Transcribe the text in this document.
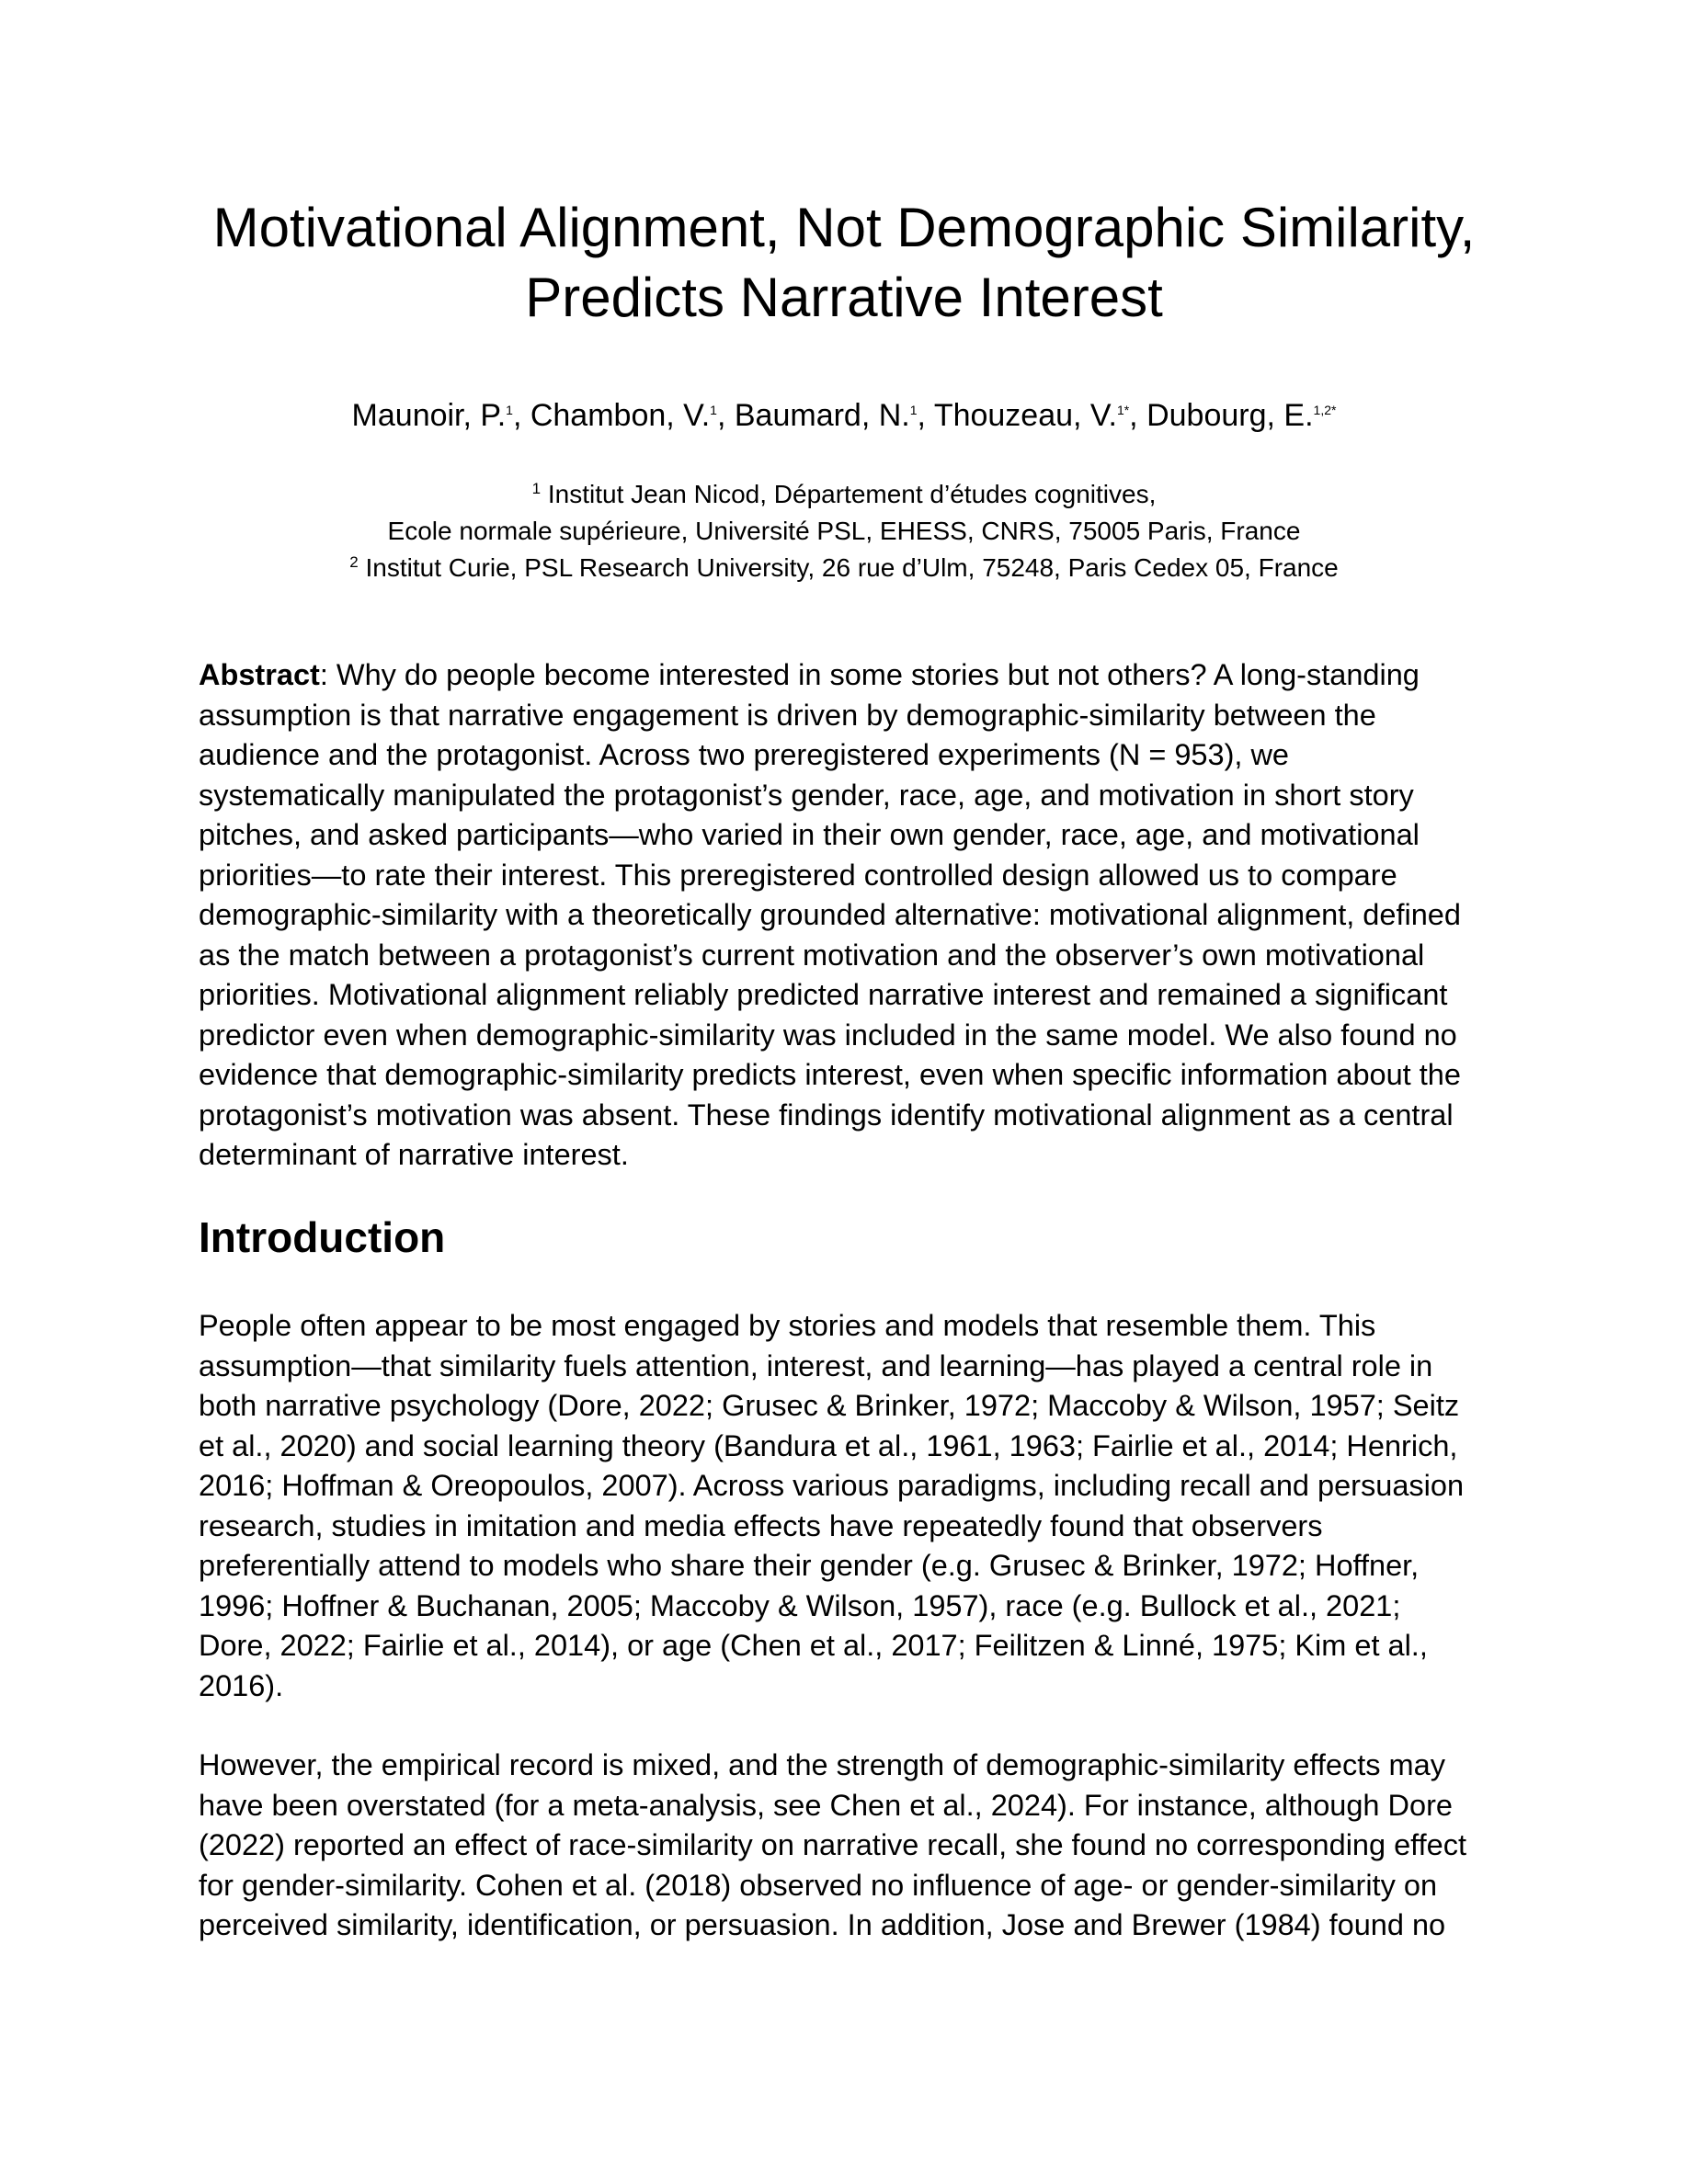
Motivational Alignment, Not Demographic Similarity,
Predicts Narrative Interest
Maunoir, P.$^1$, Chambon, V.$^1$, Baumard, N.$^1$, Thouzeau, V.$^{1*}$, Dubourg, E.$^{1,2*}$
$^1$ Institut Jean Nicod, Département d’études cognitives,
Ecole normale supérieure, Université PSL, EHESS, CNRS, 75005 Paris, France
$^2$ Institut Curie, PSL Research University, 26 rue d’Ulm, 75248, Paris Cedex 05, France
Abstract: Why do people become interested in some stories but not others? A long-standing
assumption is that narrative engagement is driven by demographic-similarity between the
audience and the protagonist. Across two preregistered experiments (N = 953), we
systematically manipulated the protagonist’s gender, race, age, and motivation in short story
pitches, and asked participants—who varied in their own gender, race, age, and motivational
priorities—to rate their interest. This preregistered controlled design allowed us to compare
demographic-similarity with a theoretically grounded alternative: motivational alignment, defined
as the match between a protagonist’s current motivation and the observer’s own motivational
priorities. Motivational alignment reliably predicted narrative interest and remained a significant
predictor even when demographic-similarity was included in the same model. We also found no
evidence that demographic-similarity predicts interest, even when specific information about the
protagonist’s motivation was absent. These findings identify motivational alignment as a central
determinant of narrative interest.
Introduction
People often appear to be most engaged by stories and models that resemble them. This
assumption—that similarity fuels attention, interest, and learning—has played a central role in
both narrative psychology (Dore, 2022; Grusec & Brinker, 1972; Maccoby & Wilson, 1957; Seitz
et al., 2020) and social learning theory (Bandura et al., 1961, 1963; Fairlie et al., 2014; Henrich,
2016; Hoffman & Oreopoulos, 2007). Across various paradigms, including recall and persuasion
research, studies in imitation and media effects have repeatedly found that observers
preferentially attend to models who share their gender (e.g. Grusec & Brinker, 1972; Hoffner,
1996; Hoffner & Buchanan, 2005; Maccoby & Wilson, 1957), race (e.g. Bullock et al., 2021;
Dore, 2022; Fairlie et al., 2014), or age (Chen et al., 2017; Feilitzen & Linné, 1975; Kim et al.,
2016).
However, the empirical record is mixed, and the strength of demographic-similarity effects may
have been overstated (for a meta-analysis, see Chen et al., 2024). For instance, although Dore
(2022) reported an effect of race-similarity on narrative recall, she found no corresponding effect
for gender-similarity. Cohen et al. (2018) observed no influence of age- or gender-similarity on
perceived similarity, identification, or persuasion. In addition, Jose and Brewer (1984) found no
